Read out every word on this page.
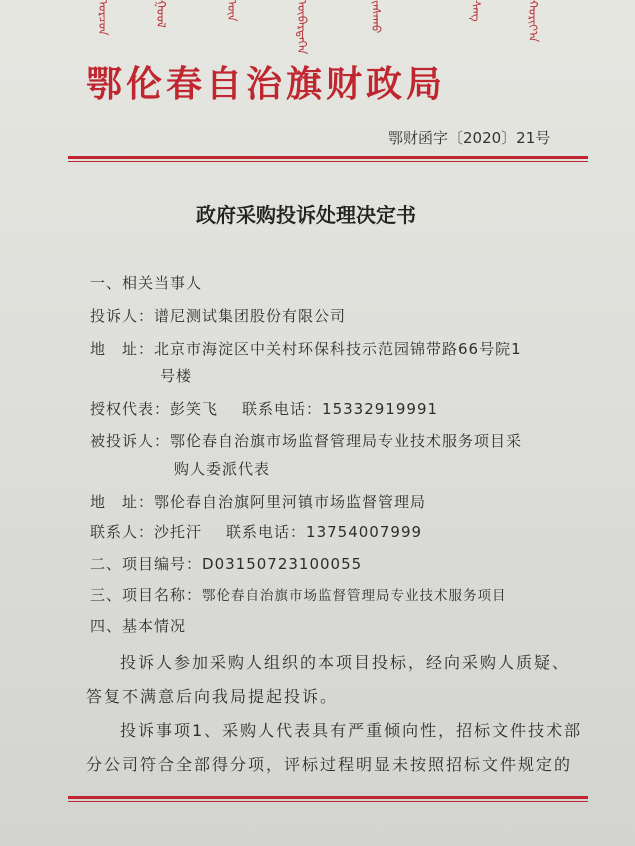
ᠣᠷᠴᠣᠨ	ᠭᠣᠣᠯ	ᠦᠨ	ᠥᠪᠡᠷᠲᠡᠭᠡᠨ	ᠵᠠᠰᠠᠬᠤ	ᠰᠠᠩ	ᠬᠣᠷᠢᠶ᠎ᠠ
鄂伦春自治旗财政局
鄂财函字〔2020〕21号
政府采购投诉处理决定书
一、相关当事人
投诉人：谱尼测试集团股份有限公司
地　址：北京市海淀区中关村环保科技示范园锦带路66号院1
号楼
授权代表：彭笑飞 联系电话：15332919991
被投诉人：鄂伦春自治旗市场监督管理局专业技术服务项目采
购人委派代表
地　址：鄂伦春自治旗阿里河镇市场监督管理局
联系人：沙托汗 联系电话：13754007999
二、项目编号：D03150723100055
三、项目名称：鄂伦春自治旗市场监督管理局专业技术服务项目
四、基本情况
投诉人参加采购人组织的本项目投标，经向采购人质疑、
答复不满意后向我局提起投诉。
投诉事项1、采购人代表具有严重倾向性，招标文件技术部
分公司符合全部得分项，评标过程明显未按照招标文件规定的
